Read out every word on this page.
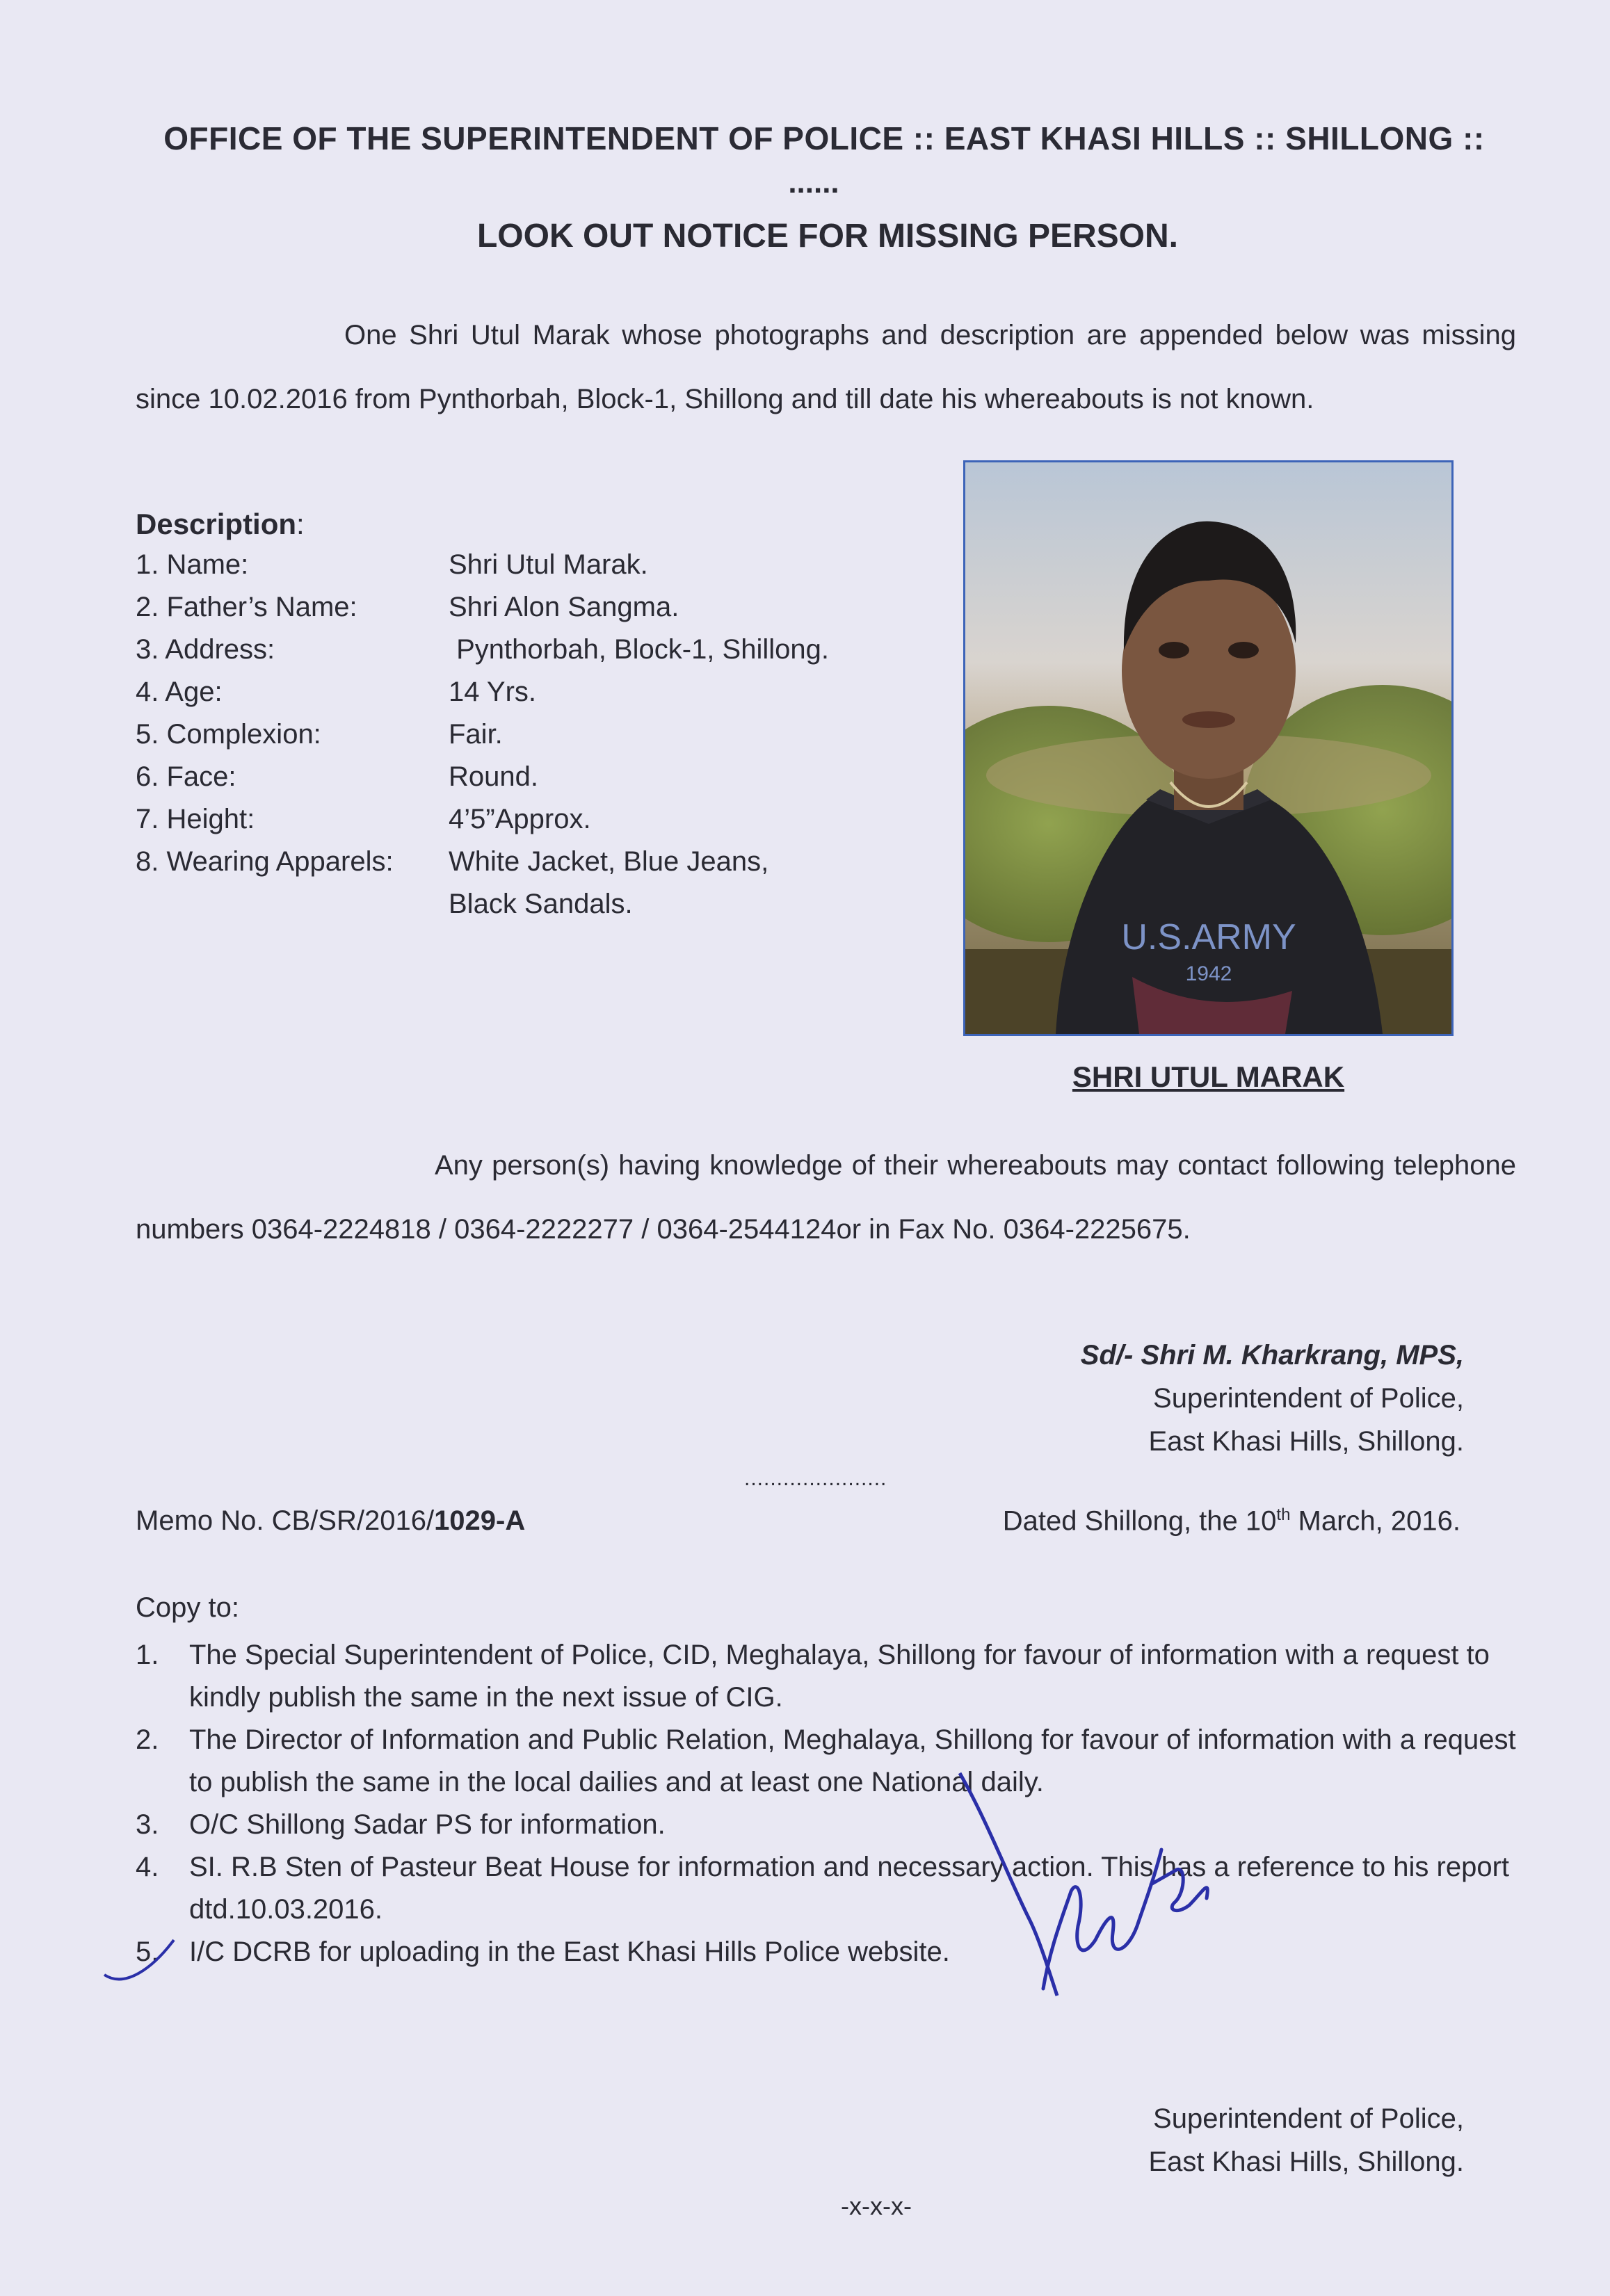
OFFICE OF THE SUPERINTENDENT OF POLICE :: EAST KHASI HILLS :: SHILLONG ::
......
LOOK OUT NOTICE FOR MISSING PERSON.
One Shri Utul Marak whose photographs and description are appended below was missing since 10.02.2016 from Pynthorbah, Block-1, Shillong and till date his whereabouts is not known.
Description:
1. Name:	Shri Utul Marak.
2. Father’s Name:	Shri Alon Sangma.
3. Address:	Pynthorbah, Block-1, Shillong.
4. Age:	14 Yrs.
5. Complexion:	Fair.
6. Face:	Round.
7. Height:	4’5”Approx.
8. Wearing Apparels: White Jacket, Blue Jeans,
Black Sandals.
U.S.ARMY
1942
SHRI UTUL MARAK
Any person(s) having knowledge of their whereabouts may contact following telephone numbers 0364-2224818 / 0364-2222277 / 0364-2544124or in Fax No. 0364-2225675.
Sd/- Shri M. Kharkrang, MPS,
Superintendent of Police,
East Khasi Hills, Shillong.
......................
Memo No. CB/SR/2016/1029-A	Dated Shillong, the 10th March, 2016.
Copy to:
1. The Special Superintendent of Police, CID, Meghalaya, Shillong for favour of information with a request to kindly publish the same in the next issue of CIG.
2. The Director of Information and Public Relation, Meghalaya, Shillong for favour of information with a request to publish the same in the local dailies and at least one National daily.
3. O/C Shillong Sadar PS for information.
4. SI. R.B Sten of Pasteur Beat House for information and necessary action. This has a reference to his report dtd.10.03.2016.
5. I/C DCRB for uploading in the East Khasi Hills Police website.
Superintendent of Police,
East Khasi Hills, Shillong.
-x-x-x-
